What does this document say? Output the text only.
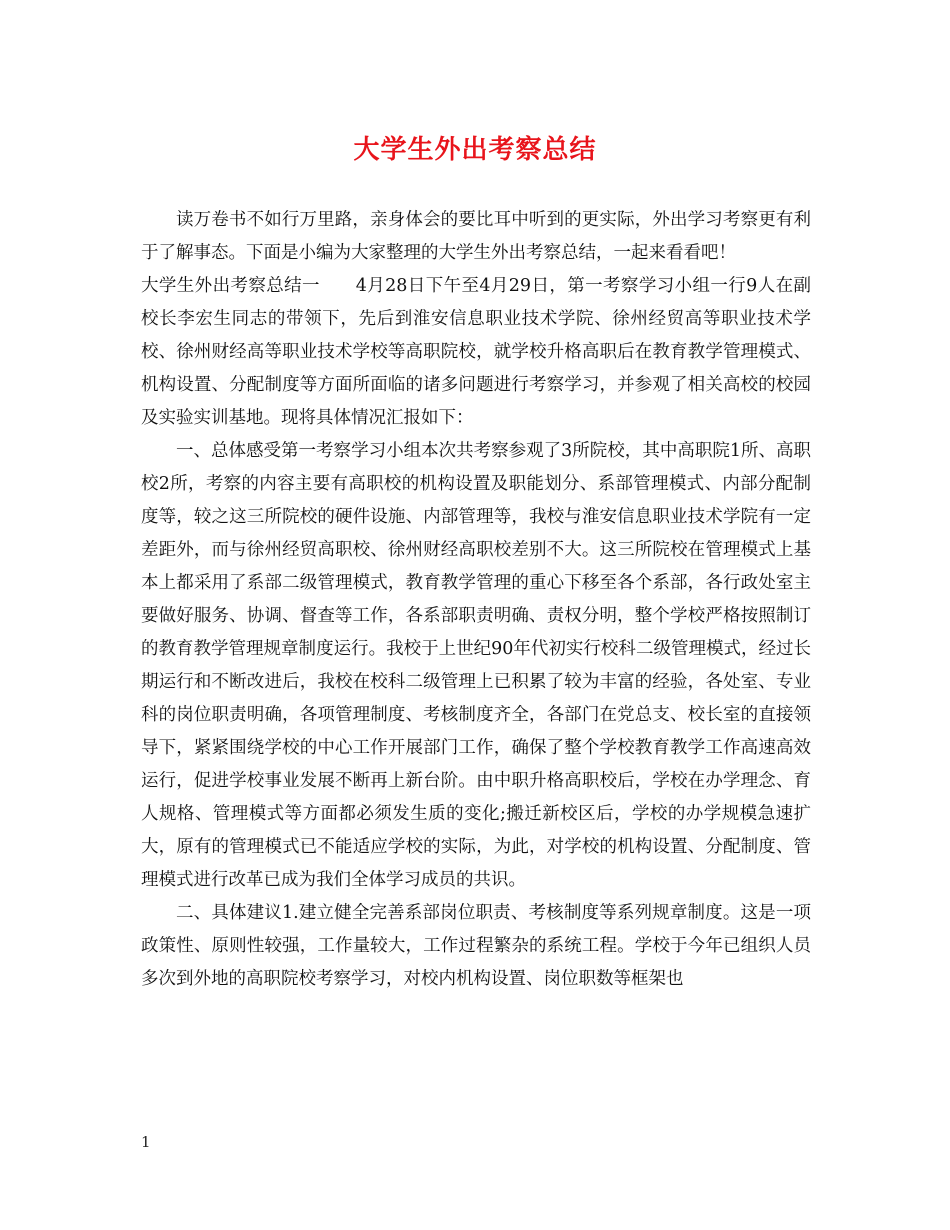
大学生外出考察总结

读万卷书不如行万里路，亲身体会的要比耳中听到的更实际，外出学习考察更有利于了解事态。下面是小编为大家整理的大学生外出考察总结，一起来看看吧！

大学生外出考察总结一　　4月28日下午至4月29日，第一考察学习小组一行9人在副校长李宏生同志的带领下，先后到淮安信息职业技术学院、徐州经贸高等职业技术学校、徐州财经高等职业技术学校等高职院校，就学校升格高职后在教育教学管理模式、机构设置、分配制度等方面所面临的诸多问题进行考察学习，并参观了相关高校的校园及实验实训基地。现将具体情况汇报如下：

一、总体感受第一考察学习小组本次共考察参观了3所院校，其中高职院1所、高职校2所，考察的内容主要有高职校的机构设置及职能划分、系部管理模式、内部分配制度等，较之这三所院校的硬件设施、内部管理等，我校与淮安信息职业技术学院有一定差距外，而与徐州经贸高职校、徐州财经高职校差别不大。这三所院校在管理模式上基本上都采用了系部二级管理模式，教育教学管理的重心下移至各个系部，各行政处室主要做好服务、协调、督查等工作，各系部职责明确、责权分明，整个学校严格按照制订的教育教学管理规章制度运行。我校于上世纪90年代初实行校科二级管理模式，经过长期运行和不断改进后，我校在校科二级管理上已积累了较为丰富的经验，各处室、专业科的岗位职责明确，各项管理制度、考核制度齐全，各部门在党总支、校长室的直接领导下，紧紧围绕学校的中心工作开展部门工作，确保了整个学校教育教学工作高速高效运行，促进学校事业发展不断再上新台阶。由中职升格高职校后，学校在办学理念、育人规格、管理模式等方面都必须发生质的变化;搬迁新校区后，学校的办学规模急速扩大，原有的管理模式已不能适应学校的实际，为此，对学校的机构设置、分配制度、管理模式进行改革已成为我们全体学习成员的共识。

二、具体建议1.建立健全完善系部岗位职责、考核制度等系列规章制度。这是一项政策性、原则性较强，工作量较大，工作过程繁杂的系统工程。学校于今年已组织人员多次到外地的高职院校考察学习，对校内机构设置、岗位职数等框架也

1
